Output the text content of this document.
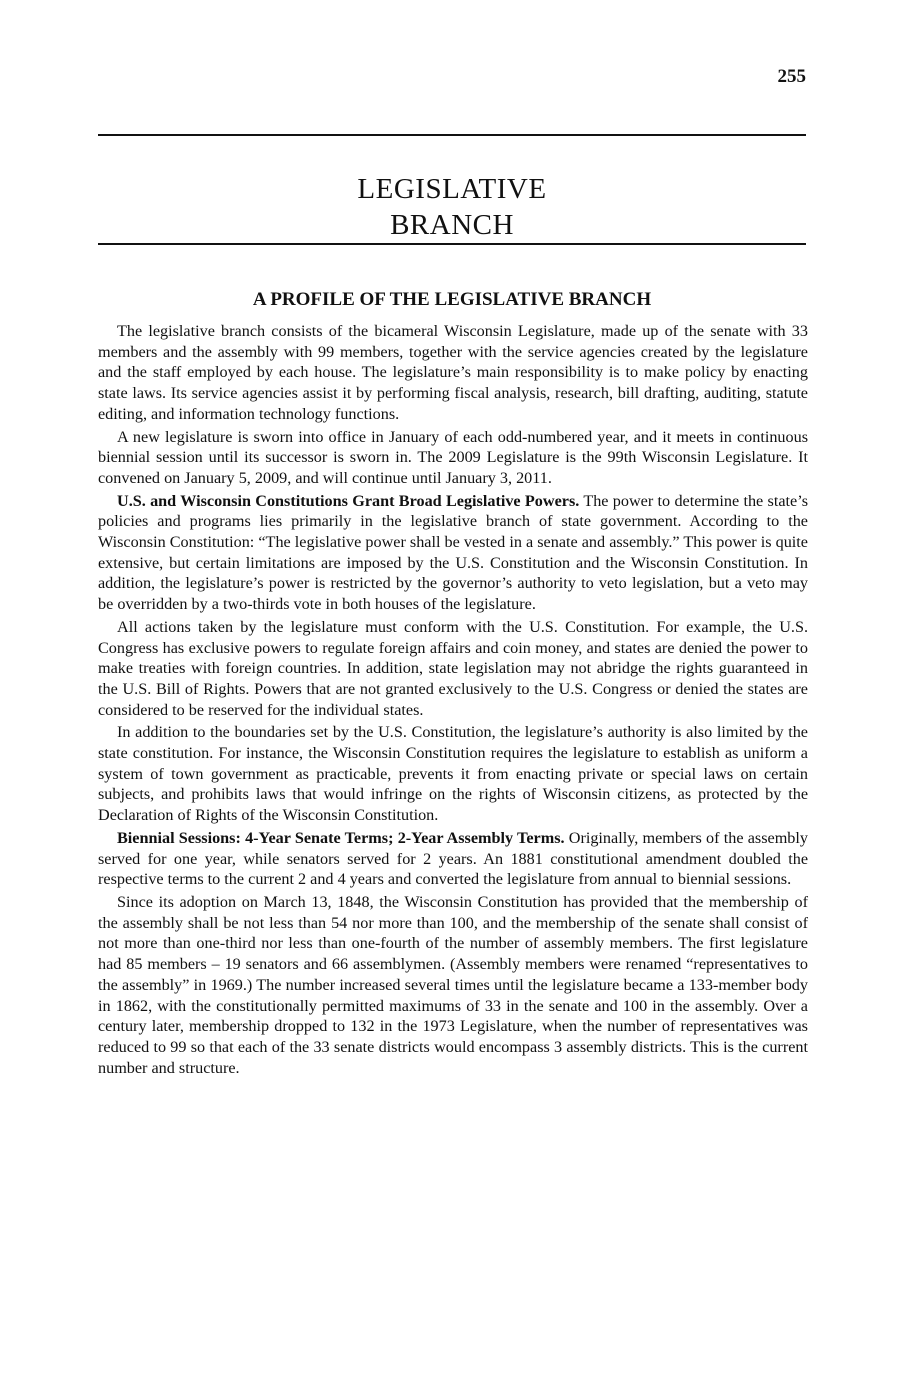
255
LEGISLATIVE
BRANCH
A PROFILE OF THE LEGISLATIVE BRANCH

The legislative branch consists of the bicameral Wisconsin Legislature, made up of the senate with 33 members and the assembly with 99 members, together with the service agencies created by the legislature and the staff employed by each house. The legislature’s main responsibility is to make policy by enacting state laws. Its service agencies assist it by performing fiscal analysis, research, bill drafting, auditing, statute editing, and information technology functions.

A new legislature is sworn into office in January of each odd-numbered year, and it meets in continuous biennial session until its successor is sworn in. The 2009 Legislature is the 99th Wisconsin Legislature. It convened on January 5, 2009, and will continue until January 3, 2011.

U.S. and Wisconsin Constitutions Grant Broad Legislative Powers. The power to determine the state’s policies and programs lies primarily in the legislative branch of state government. According to the Wisconsin Constitution: “The legislative power shall be vested in a senate and assembly.” This power is quite extensive, but certain limitations are imposed by the U.S. Constitution and the Wisconsin Constitution. In addition, the legislature’s power is restricted by the governor’s authority to veto legislation, but a veto may be overridden by a two-thirds vote in both houses of the legislature.

All actions taken by the legislature must conform with the U.S. Constitution. For example, the U.S. Congress has exclusive powers to regulate foreign affairs and coin money, and states are denied the power to make treaties with foreign countries. In addition, state legislation may not abridge the rights guaranteed in the U.S. Bill of Rights. Powers that are not granted exclusively to the U.S. Congress or denied the states are considered to be reserved for the individual states.

In addition to the boundaries set by the U.S. Constitution, the legislature’s authority is also limited by the state constitution. For instance, the Wisconsin Constitution requires the legislature to establish as uniform a system of town government as practicable, prevents it from enacting private or special laws on certain subjects, and prohibits laws that would infringe on the rights of Wisconsin citizens, as protected by the Declaration of Rights of the Wisconsin Constitution.

Biennial Sessions: 4-Year Senate Terms; 2-Year Assembly Terms. Originally, members of the assembly served for one year, while senators served for 2 years. An 1881 constitutional amendment doubled the respective terms to the current 2 and 4 years and converted the legislature from annual to biennial sessions.

Since its adoption on March 13, 1848, the Wisconsin Constitution has provided that the membership of the assembly shall be not less than 54 nor more than 100, and the membership of the senate shall consist of not more than one-third nor less than one-fourth of the number of assembly members. The first legislature had 85 members – 19 senators and 66 assemblymen. (Assembly members were renamed “representatives to the assembly” in 1969.) The number increased several times until the legislature became a 133-member body in 1862, with the constitutionally permitted maximums of 33 in the senate and 100 in the assembly. Over a century later, membership dropped to 132 in the 1973 Legislature, when the number of representatives was reduced to 99 so that each of the 33 senate districts would encompass 3 assembly districts. This is the current number and structure.
